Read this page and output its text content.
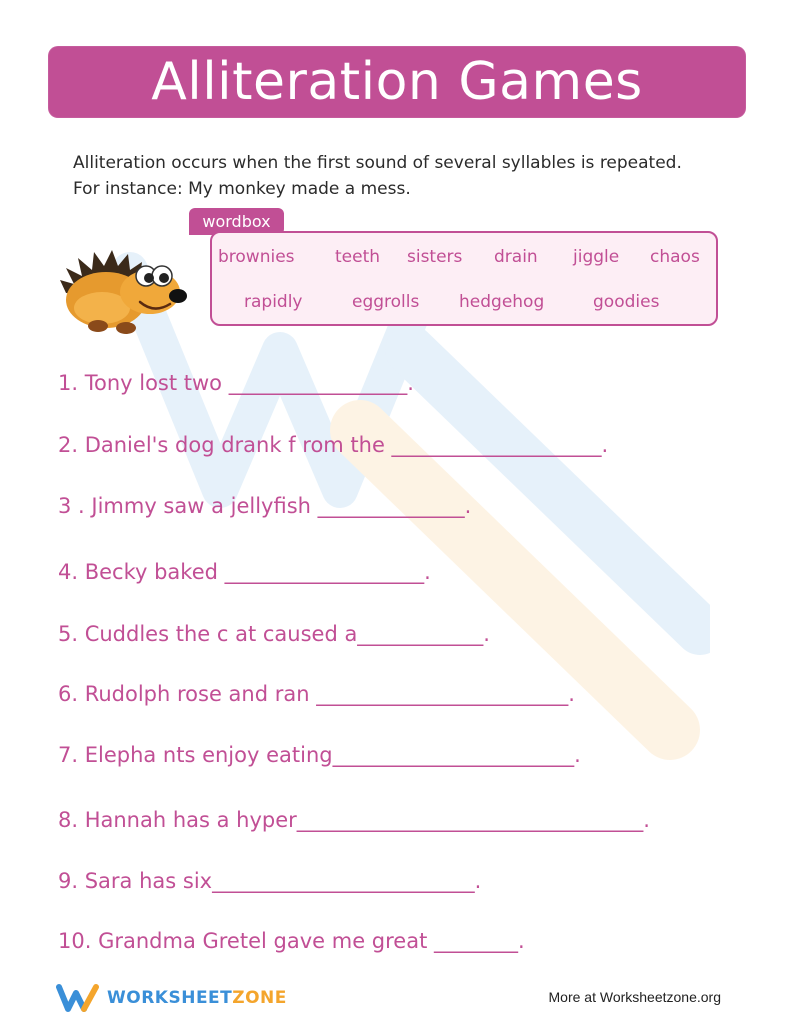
Alliteration Games
Alliteration occurs when the first sound of several syllables is repeated.
For instance: My monkey made a mess.
wordbox
brownies teeth sisters drain jiggle chaos
rapidly	eggrolls hedgehog	goodies
1. Tony lost two _________________.
2. Daniel's dog drank f rom the ____________________.
3 . Jimmy saw a jellyfish ______________.
4. Becky baked ___________________.
5. Cuddles the c at caused a____________.
6. Rudolph rose and ran ________________________.
7. Elepha nts enjoy eating_______________________.
8. Hannah has a hyper_________________________________.
9. Sara has six_________________________.
10. Grandma Gretel gave me great ________.
WORKSHEETZONE	More at Worksheetzone.org
